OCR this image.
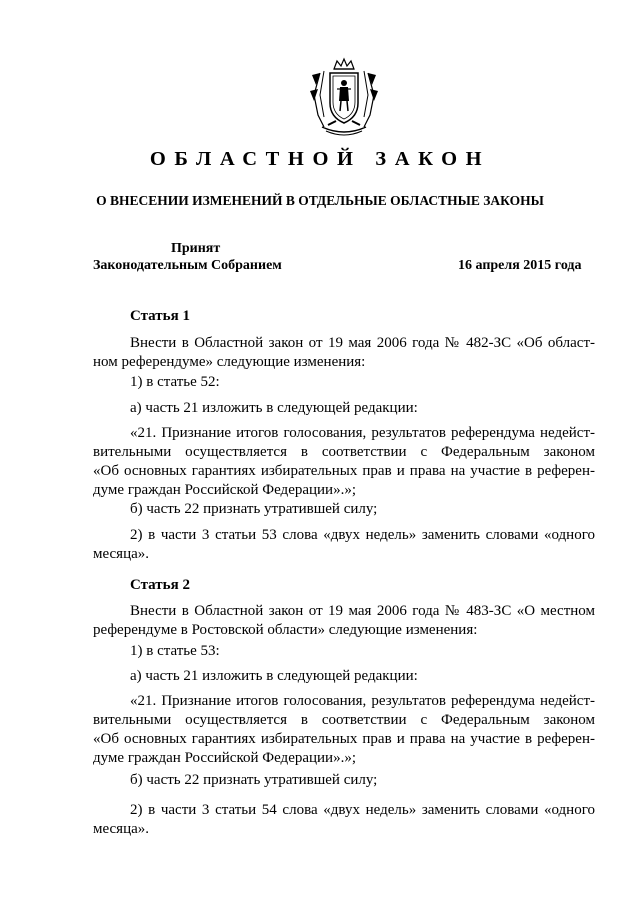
ОБЛАСТНОЙ ЗАКОН
О ВНЕСЕНИИ ИЗМЕНЕНИЙ В ОТДЕЛЬНЫЕ ОБЛАСТНЫЕ ЗАКОНЫ
Принят
Законодательным Собранием	16 апреля 2015 года
Статья 1
Внести в Областной закон от 19 мая 2006 года № 482-ЗС «Об област-
ном референдуме» следующие изменения:
1) в статье 52:
а) часть 21 изложить в следующей редакции:
«21. Признание итогов голосования, результатов референдума недейст-
вительными осуществляется в соответствии с Федеральным законом
«Об основных гарантиях избирательных прав и права на участие в референ-
думе граждан Российской Федерации».»;
б) часть 22 признать утратившей силу;
2) в части 3 статьи 53 слова «двух недель» заменить словами «одного
месяца».
Статья 2
Внести в Областной закон от 19 мая 2006 года № 483-ЗС «О местном
референдуме в Ростовской области» следующие изменения:
1) в статье 53:
а) часть 21 изложить в следующей редакции:
«21. Признание итогов голосования, результатов референдума недейст-
вительными осуществляется в соответствии с Федеральным законом
«Об основных гарантиях избирательных прав и права на участие в референ-
думе граждан Российской Федерации».»;
б) часть 22 признать утратившей силу;
2) в части 3 статьи 54 слова «двух недель» заменить словами «одного
месяца».
